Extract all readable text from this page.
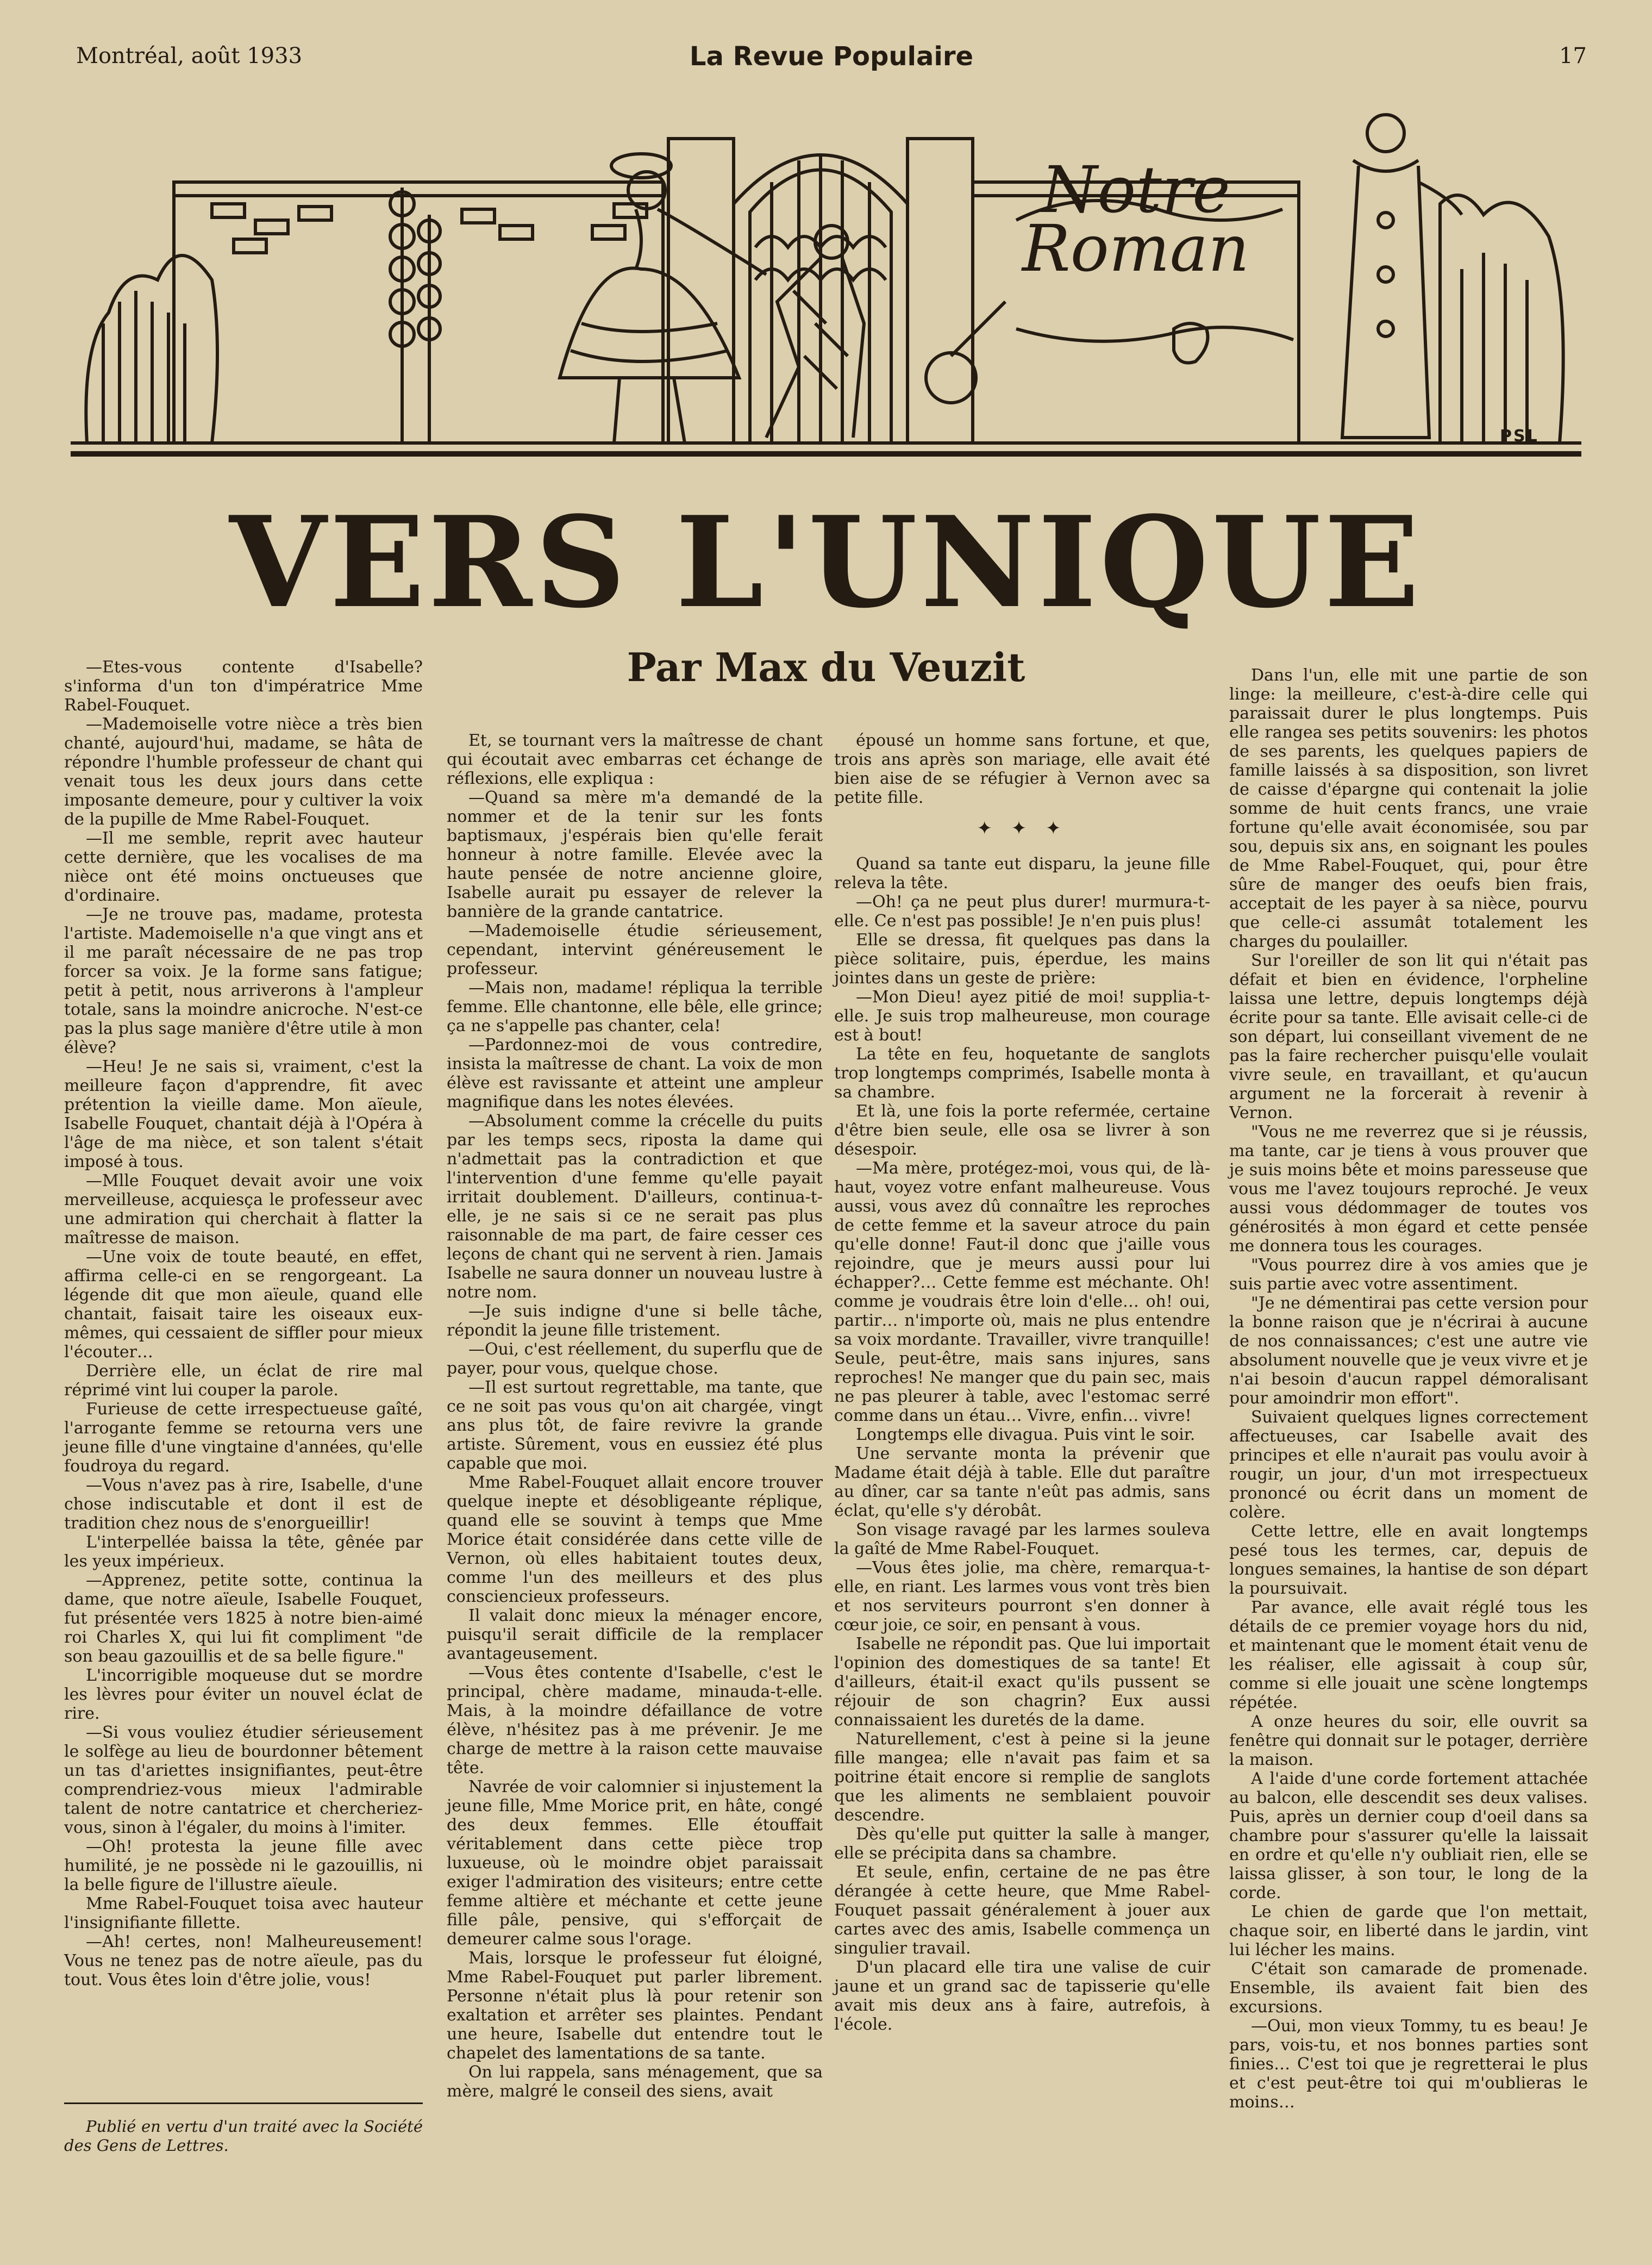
Montréal, août 1933	La Revue Populaire	17
Notre
Roman
PSL
VERS L'UNIQUE
Par Max du Veuzit

—Etes-vous contente d'Isabelle? s'informa d'un ton d'impératrice Mme Rabel-Fouquet.

—Mademoiselle votre nièce a très bien chanté, aujourd'hui, madame, se hâta de répondre l'humble professeur de chant qui venait tous les deux jours dans cette imposante demeure, pour y cultiver la voix de la pupille de Mme Rabel-Fouquet.

—Il me semble, reprit avec hauteur cette dernière, que les vocalises de ma nièce ont été moins onctueuses que d'ordinaire.

—Je ne trouve pas, madame, protesta l'artiste. Mademoiselle n'a que vingt ans et il me paraît nécessaire de ne pas trop forcer sa voix. Je la forme sans fatigue; petit à petit, nous arriverons à l'ampleur totale, sans la moindre anicroche. N'est-ce pas la plus sage manière d'être utile à mon élève?

—Heu! Je ne sais si, vraiment, c'est la meilleure façon d'apprendre, fit avec prétention la vieille dame. Mon aïeule, Isabelle Fouquet, chantait déjà à l'Opéra à l'âge de ma nièce, et son talent s'était imposé à tous.

—Mlle Fouquet devait avoir une voix merveilleuse, acquiesça le professeur avec une admiration qui cherchait à flatter la maîtresse de maison.

—Une voix de toute beauté, en effet, affirma celle-ci en se rengorgeant. La légende dit que mon aïeule, quand elle chantait, faisait taire les oiseaux eux-mêmes, qui cessaient de siffler pour mieux l'écouter…

Derrière elle, un éclat de rire mal réprimé vint lui couper la parole.

Furieuse de cette irrespectueuse gaîté, l'arrogante femme se retourna vers une jeune fille d'une vingtaine d'années, qu'elle foudroya du regard.

—Vous n'avez pas à rire, Isabelle, d'une chose indiscutable et dont il est de tradition chez nous de s'enorgueillir!

L'interpellée baissa la tête, gênée par les yeux impérieux.

—Apprenez, petite sotte, continua la dame, que notre aïeule, Isabelle Fouquet, fut présentée vers 1825 à notre bien-aimé roi Charles X, qui lui fit compliment "de son beau gazouillis et de sa belle figure."

L'incorrigible moqueuse dut se mordre les lèvres pour éviter un nouvel éclat de rire.

—Si vous vouliez étudier sérieusement le solfège au lieu de bourdonner bêtement un tas d'ariettes insignifiantes, peut-être comprendriez-vous mieux l'admirable talent de notre cantatrice et chercheriez-vous, sinon à l'égaler, du moins à l'imiter.

—Oh! protesta la jeune fille avec humilité, je ne possède ni le gazouillis, ni la belle figure de l'illustre aïeule.

Mme Rabel-Fouquet toisa avec hauteur l'insignifiante fillette.

—Ah! certes, non! Malheureusement! Vous ne tenez pas de notre aïeule, pas du tout. Vous êtes loin d'être jolie, vous!

Publié en vertu d'un traité avec la Société des Gens de Lettres.

Et, se tournant vers la maîtresse de chant qui écoutait avec embarras cet échange de réflexions, elle expliqua :

—Quand sa mère m'a demandé de la nommer et de la tenir sur les fonts baptismaux, j'espérais bien qu'elle ferait honneur à notre famille. Elevée avec la haute pensée de notre ancienne gloire, Isabelle aurait pu essayer de relever la bannière de la grande cantatrice.

—Mademoiselle étudie sérieusement, cependant, intervint généreusement le professeur.

—Mais non, madame! répliqua la terrible femme. Elle chantonne, elle bêle, elle grince; ça ne s'appelle pas chanter, cela!

—Pardonnez-moi de vous contredire, insista la maîtresse de chant. La voix de mon élève est ravissante et atteint une ampleur magnifique dans les notes élevées.

—Absolument comme la crécelle du puits par les temps secs, riposta la dame qui n'admettait pas la contradiction et que l'intervention d'une femme qu'elle payait irritait doublement. D'ailleurs, continua-t-elle, je ne sais si ce ne serait pas plus raisonnable de ma part, de faire cesser ces leçons de chant qui ne servent à rien. Jamais Isabelle ne saura donner un nouveau lustre à notre nom.

—Je suis indigne d'une si belle tâche, répondit la jeune fille tristement.

—Oui, c'est réellement, du superflu que de payer, pour vous, quelque chose.

—Il est surtout regrettable, ma tante, que ce ne soit pas vous qu'on ait chargée, vingt ans plus tôt, de faire revivre la grande artiste. Sûrement, vous en eussiez été plus capable que moi.

Mme Rabel-Fouquet allait encore trouver quelque inepte et désobligeante réplique, quand elle se souvint à temps que Mme Morice était considérée dans cette ville de Vernon, où elles habitaient toutes deux, comme l'un des meilleurs et des plus consciencieux professeurs.

Il valait donc mieux la ménager encore, puisqu'il serait difficile de la remplacer avantageusement.

—Vous êtes contente d'Isabelle, c'est le principal, chère madame, minauda-t-elle. Mais, à la moindre défaillance de votre élève, n'hésitez pas à me prévenir. Je me charge de mettre à la raison cette mauvaise tête.

Navrée de voir calomnier si injustement la jeune fille, Mme Morice prit, en hâte, congé des deux femmes. Elle étouffait véritablement dans cette pièce trop luxueuse, où le moindre objet paraissait exiger l'admiration des visiteurs; entre cette femme altière et méchante et cette jeune fille pâle, pensive, qui s'efforçait de demeurer calme sous l'orage.

Mais, lorsque le professeur fut éloigné, Mme Rabel-Fouquet put parler librement. Personne n'était plus là pour retenir son exaltation et arrêter ses plaintes. Pendant une heure, Isabelle dut entendre tout le chapelet des lamentations de sa tante.

On lui rappela, sans ménagement, que sa mère, malgré le conseil des siens, avait

épousé un homme sans fortune, et que, trois ans après son mariage, elle avait été bien aise de se réfugier à Vernon avec sa petite fille.

✦ ✦ ✦

Quand sa tante eut disparu, la jeune fille releva la tête.

—Oh! ça ne peut plus durer! murmura-t-elle. Ce n'est pas possible! Je n'en puis plus!

Elle se dressa, fit quelques pas dans la pièce solitaire, puis, éperdue, les mains jointes dans un geste de prière:

—Mon Dieu! ayez pitié de moi! supplia-t-elle. Je suis trop malheureuse, mon courage est à bout!

La tête en feu, hoquetante de sanglots trop longtemps comprimés, Isabelle monta à sa chambre.

Et là, une fois la porte refermée, certaine d'être bien seule, elle osa se livrer à son désespoir.

—Ma mère, protégez-moi, vous qui, de là-haut, voyez votre enfant malheureuse. Vous aussi, vous avez dû connaître les reproches de cette femme et la saveur atroce du pain qu'elle donne! Faut-il donc que j'aille vous rejoindre, que je meurs aussi pour lui échapper?… Cette femme est méchante. Oh! comme je voudrais être loin d'elle… oh! oui, partir… n'importe où, mais ne plus entendre sa voix mordante. Travailler, vivre tranquille! Seule, peut-être, mais sans injures, sans reproches! Ne manger que du pain sec, mais ne pas pleurer à table, avec l'estomac serré comme dans un étau… Vivre, enfin… vivre!

Longtemps elle divagua. Puis vint le soir.

Une servante monta la prévenir que Madame était déjà à table. Elle dut paraître au dîner, car sa tante n'eût pas admis, sans éclat, qu'elle s'y dérobât.

Son visage ravagé par les larmes souleva la gaîté de Mme Rabel-Fouquet.

—Vous êtes jolie, ma chère, remarqua-t-elle, en riant. Les larmes vous vont très bien et nos serviteurs pourront s'en donner à cœur joie, ce soir, en pensant à vous.

Isabelle ne répondit pas. Que lui importait l'opinion des domestiques de sa tante! Et d'ailleurs, était-il exact qu'ils pussent se réjouir de son chagrin? Eux aussi connaissaient les duretés de la dame.

Naturellement, c'est à peine si la jeune fille mangea; elle n'avait pas faim et sa poitrine était encore si remplie de sanglots que les aliments ne semblaient pouvoir descendre.

Dès qu'elle put quitter la salle à manger, elle se précipita dans sa chambre.

Et seule, enfin, certaine de ne pas être dérangée à cette heure, que Mme Rabel-Fouquet passait généralement à jouer aux cartes avec des amis, Isabelle commença un singulier travail.

D'un placard elle tira une valise de cuir jaune et un grand sac de tapisserie qu'elle avait mis deux ans à faire, autrefois, à l'école.

Dans l'un, elle mit une partie de son linge: la meilleure, c'est-à-dire celle qui paraissait durer le plus longtemps. Puis elle rangea ses petits souvenirs: les photos de ses parents, les quelques papiers de famille laissés à sa disposition, son livret de caisse d'épargne qui contenait la jolie somme de huit cents francs, une vraie fortune qu'elle avait économisée, sou par sou, depuis six ans, en soignant les poules de Mme Rabel-Fouquet, qui, pour être sûre de manger des oeufs bien frais, acceptait de les payer à sa nièce, pourvu que celle-ci assumât totalement les charges du poulailler.

Sur l'oreiller de son lit qui n'était pas défait et bien en évidence, l'orpheline laissa une lettre, depuis longtemps déjà écrite pour sa tante. Elle avisait celle-ci de son départ, lui conseillant vivement de ne pas la faire rechercher puisqu'elle voulait vivre seule, en travaillant, et qu'aucun argument ne la forcerait à revenir à Vernon.

"Vous ne me reverrez que si je réussis, ma tante, car je tiens à vous prouver que je suis moins bête et moins paresseuse que vous me l'avez toujours reproché. Je veux aussi vous dédommager de toutes vos générosités à mon égard et cette pensée me donnera tous les courages.

"Vous pourrez dire à vos amies que je suis partie avec votre assentiment.

"Je ne démentirai pas cette version pour la bonne raison que je n'écrirai à aucune de nos connaissances; c'est une autre vie absolument nouvelle que je veux vivre et je n'ai besoin d'aucun rappel démoralisant pour amoindrir mon effort".

Suivaient quelques lignes correctement affectueuses, car Isabelle avait des principes et elle n'aurait pas voulu avoir à rougir, un jour, d'un mot irrespectueux prononcé ou écrit dans un moment de colère.

Cette lettre, elle en avait longtemps pesé tous les termes, car, depuis de longues semaines, la hantise de son départ la poursuivait.

Par avance, elle avait réglé tous les détails de ce premier voyage hors du nid, et maintenant que le moment était venu de les réaliser, elle agissait à coup sûr, comme si elle jouait une scène longtemps répétée.

A onze heures du soir, elle ouvrit sa fenêtre qui donnait sur le potager, derrière la maison.

A l'aide d'une corde fortement attachée au balcon, elle descendit ses deux valises. Puis, après un dernier coup d'oeil dans sa chambre pour s'assurer qu'elle la laissait en ordre et qu'elle n'y oubliait rien, elle se laissa glisser, à son tour, le long de la corde.

Le chien de garde que l'on mettait, chaque soir, en liberté dans le jardin, vint lui lécher les mains.

C'était son camarade de promenade. Ensemble, ils avaient fait bien des excursions.

—Oui, mon vieux Tommy, tu es beau! Je pars, vois-tu, et nos bonnes parties sont finies… C'est toi que je regretterai le plus et c'est peut-être toi qui m'oublieras le moins…
